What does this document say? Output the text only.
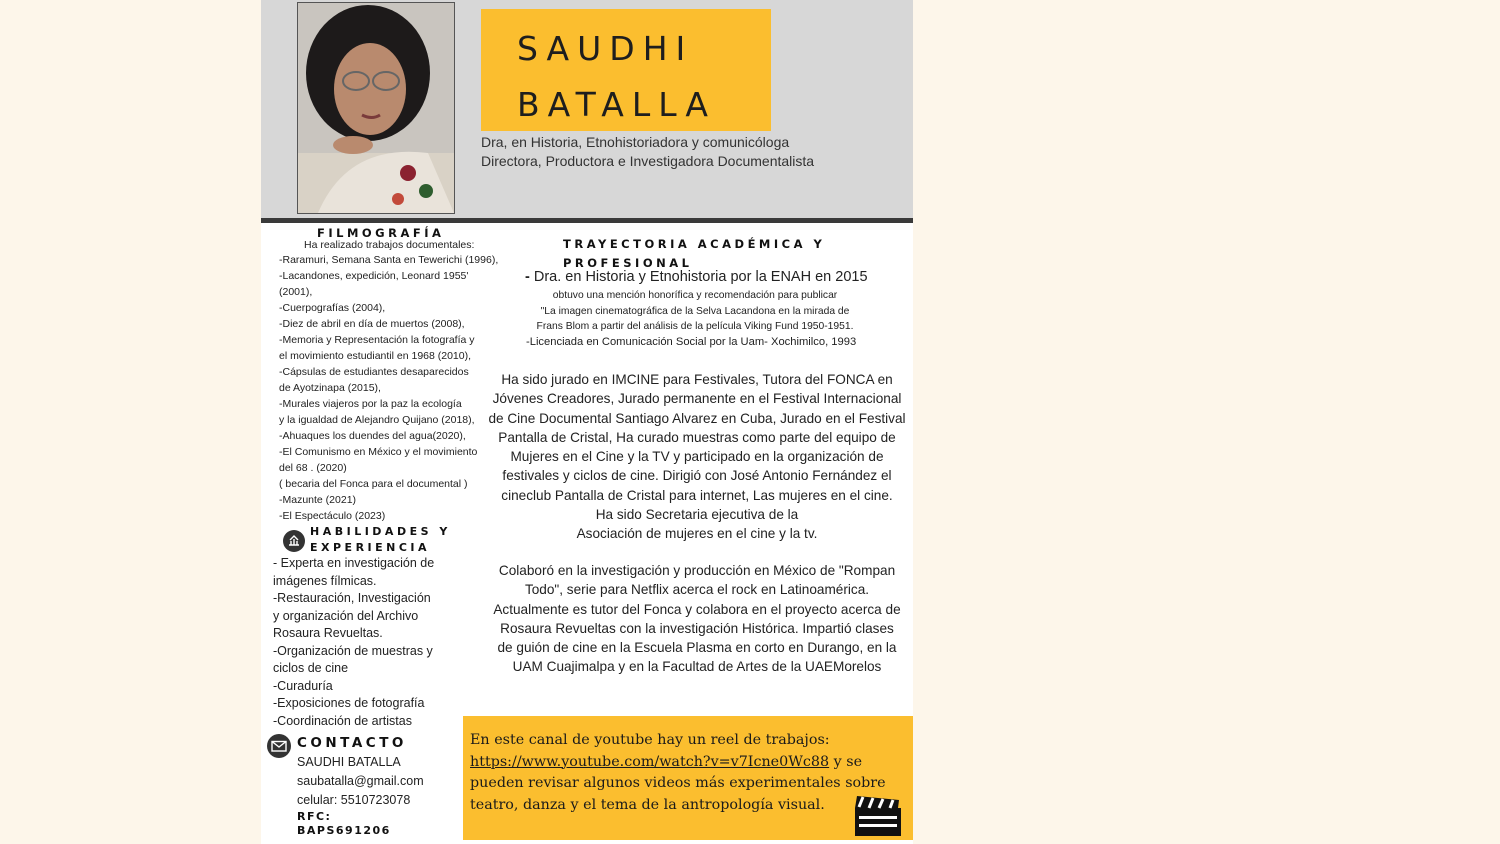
SAUDHI
BATALLA
Dra, en Historia, Etnohistoriadora y comunicóloga
Directora, Productora e Investigadora Documentalista
FILMOGRAFÍA
Ha realizado trabajos documentales:
-Raramuri, Semana Santa en Tewerichi (1996),
-Lacandones, expedición, Leonard 1955'
(2001),
-Cuerpografías (2004),
-Diez de abril en día de muertos (2008),
-Memoria y Representación la fotografía y
el movimiento estudiantil en 1968 (2010),
-Cápsulas de estudiantes desaparecidos
de Ayotzinapa (2015),
-Murales viajeros por la paz la ecología
y la igualdad de Alejandro Quijano (2018),
-Ahuaques los duendes del agua(2020),
-El Comunismo en México y el movimiento
del 68 . (2020)
( becaria del Fonca para el documental )
-Mazunte (2021)
-El Espectáculo (2023)
HABILIDADES Y
EXPERIENCIA
- Experta en investigación de
imágenes fílmicas.
-Restauración, Investigación
y organización del Archivo
Rosaura Revueltas.
-Organización de muestras y
ciclos de cine
-Curaduría
-Exposiciones de fotografía
-Coordinación de artistas
CONTACTO
SAUDHI BATALLA
saubatalla@gmail.com
celular: 5510723078
RFC:
BAPS691206
TRAYECTORIA ACADÉMICA Y
PROFESIONAL
- Dra. en Historia y Etnohistoria por la ENAH en 2015
obtuvo una mención honorífica y recomendación para publicar
"La imagen cinematográfica de la Selva Lacandona en la mirada de
Frans Blom a partir del análisis de la película Viking Fund 1950-1951.
-Licenciada en Comunicación Social por la Uam- Xochimilco, 1993
Ha sido jurado en IMCINE para Festivales, Tutora del FONCA en
Jóvenes Creadores, Jurado permanente en el Festival Internacional
de Cine Documental Santiago Alvarez en Cuba, Jurado en el Festival
Pantalla de Cristal, Ha curado muestras como parte del equipo de
Mujeres en el Cine y la TV y participado en la organización de
festivales y ciclos de cine. Dirigió con José Antonio Fernández el
cineclub Pantalla de Cristal para internet, Las mujeres en el cine.
Ha sido Secretaria ejecutiva de la
Asociación de mujeres en el cine y la tv.
Colaboró en la investigación y producción en México de "Rompan
Todo", serie para Netflix acerca el rock en Latinoamérica.
Actualmente es tutor del Fonca y colabora en el proyecto acerca de
Rosaura Revueltas con la investigación Histórica. Impartió clases
de guión de cine en la Escuela Plasma en corto en Durango, en la
UAM Cuajimalpa y en la Facultad de Artes de la UAEMorelos
En este canal de youtube hay un reel de trabajos:
https://www.youtube.com/watch?v=v7Icne0Wc88 y se
pueden revisar algunos videos más experimentales sobre
teatro, danza y el tema de la antropología visual.
